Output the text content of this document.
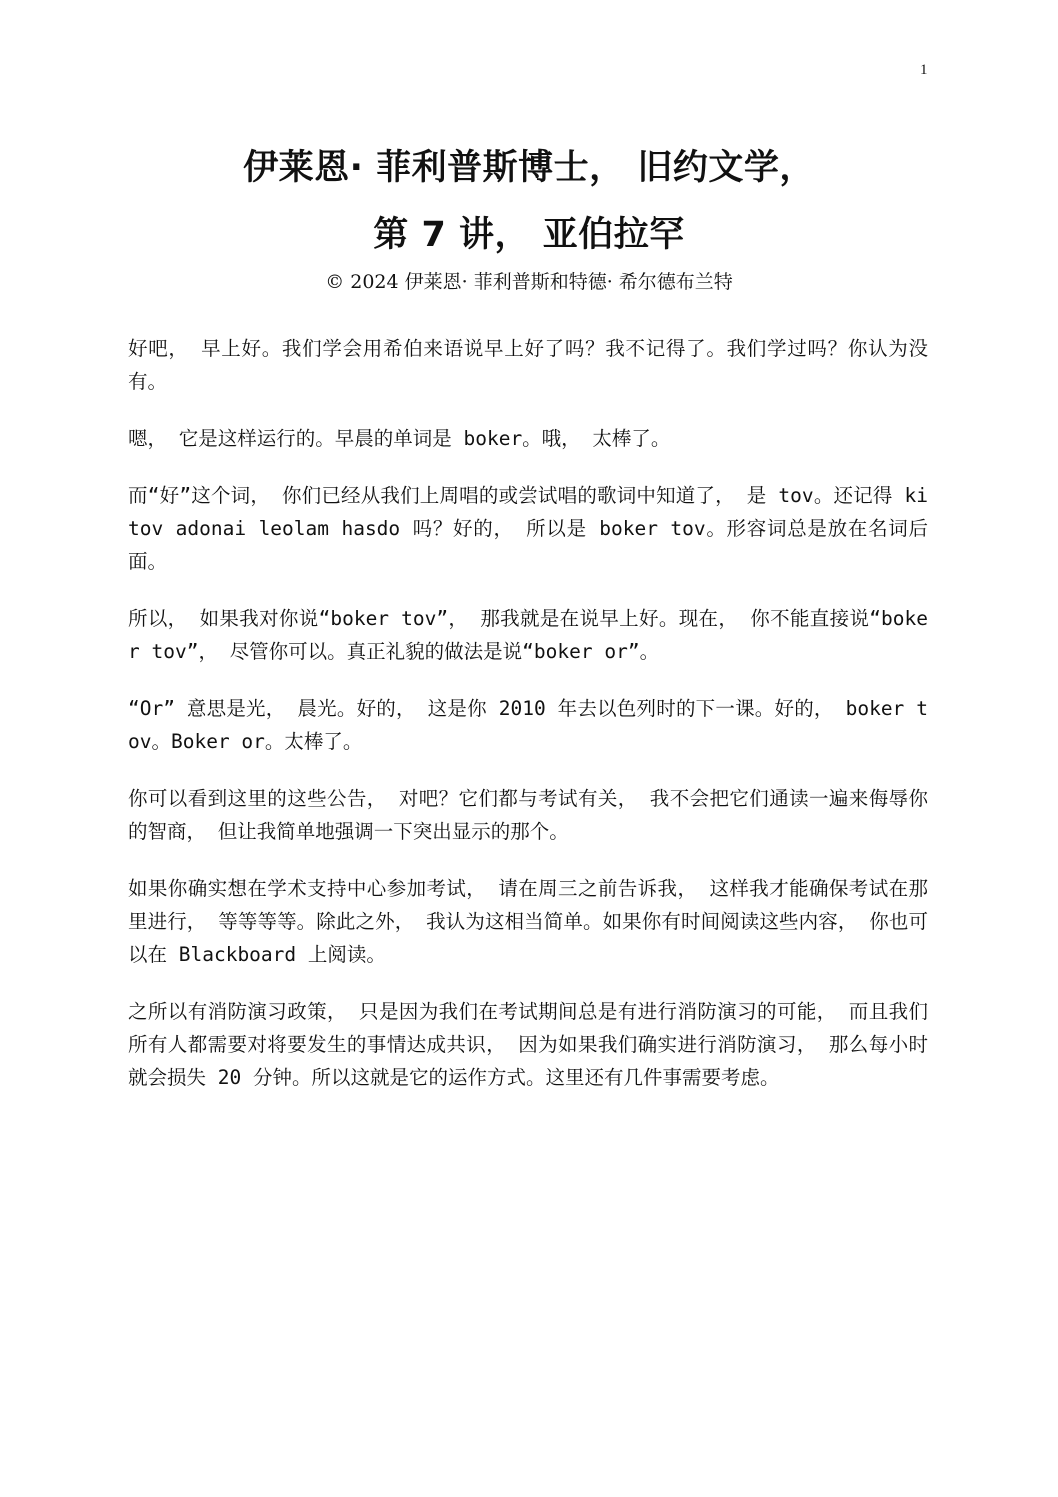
1
伊莱恩· 菲利普斯博士， 旧约文学，
第 7 讲， 亚伯拉罕
© 2024 伊莱恩· 菲利普斯和特德· 希尔德布兰特

好吧， 早上好。我们学会用希伯来语说早上好了吗？我不记得了。我们学过吗？你认为没有。

嗯， 它是这样运行的。早晨的单词是 boker。哦， 太棒了。

而“好”这个词， 你们已经从我们上周唱的或尝试唱的歌词中知道了， 是 tov。还记得 ki tov adonai leolam hasdo 吗？好的， 所以是 boker tov。形容词总是放在名词后面。

所以， 如果我对你说“boker tov”， 那我就是在说早上好。现在， 你不能直接说“boker tov”， 尽管你可以。真正礼貌的做法是说“boker or”。

“Or” 意思是光， 晨光。好的， 这是你 2010 年去以色列时的下一课。好的， boker tov。Boker or。太棒了。

你可以看到这里的这些公告， 对吧？它们都与考试有关， 我不会把它们通读一遍来侮辱你的智商， 但让我简单地强调一下突出显示的那个。

如果你确实想在学术支持中心参加考试， 请在周三之前告诉我， 这样我才能确保考试在那里进行， 等等等等。除此之外， 我认为这相当简单。如果你有时间阅读这些内容， 你也可以在 Blackboard 上阅读。

之所以有消防演习政策， 只是因为我们在考试期间总是有进行消防演习的可能， 而且我们所有人都需要对将要发生的事情达成共识， 因为如果我们确实进行消防演习， 那么每小时就会损失 20 分钟。所以这就是它的运作方式。这里还有几件事需要考虑。
